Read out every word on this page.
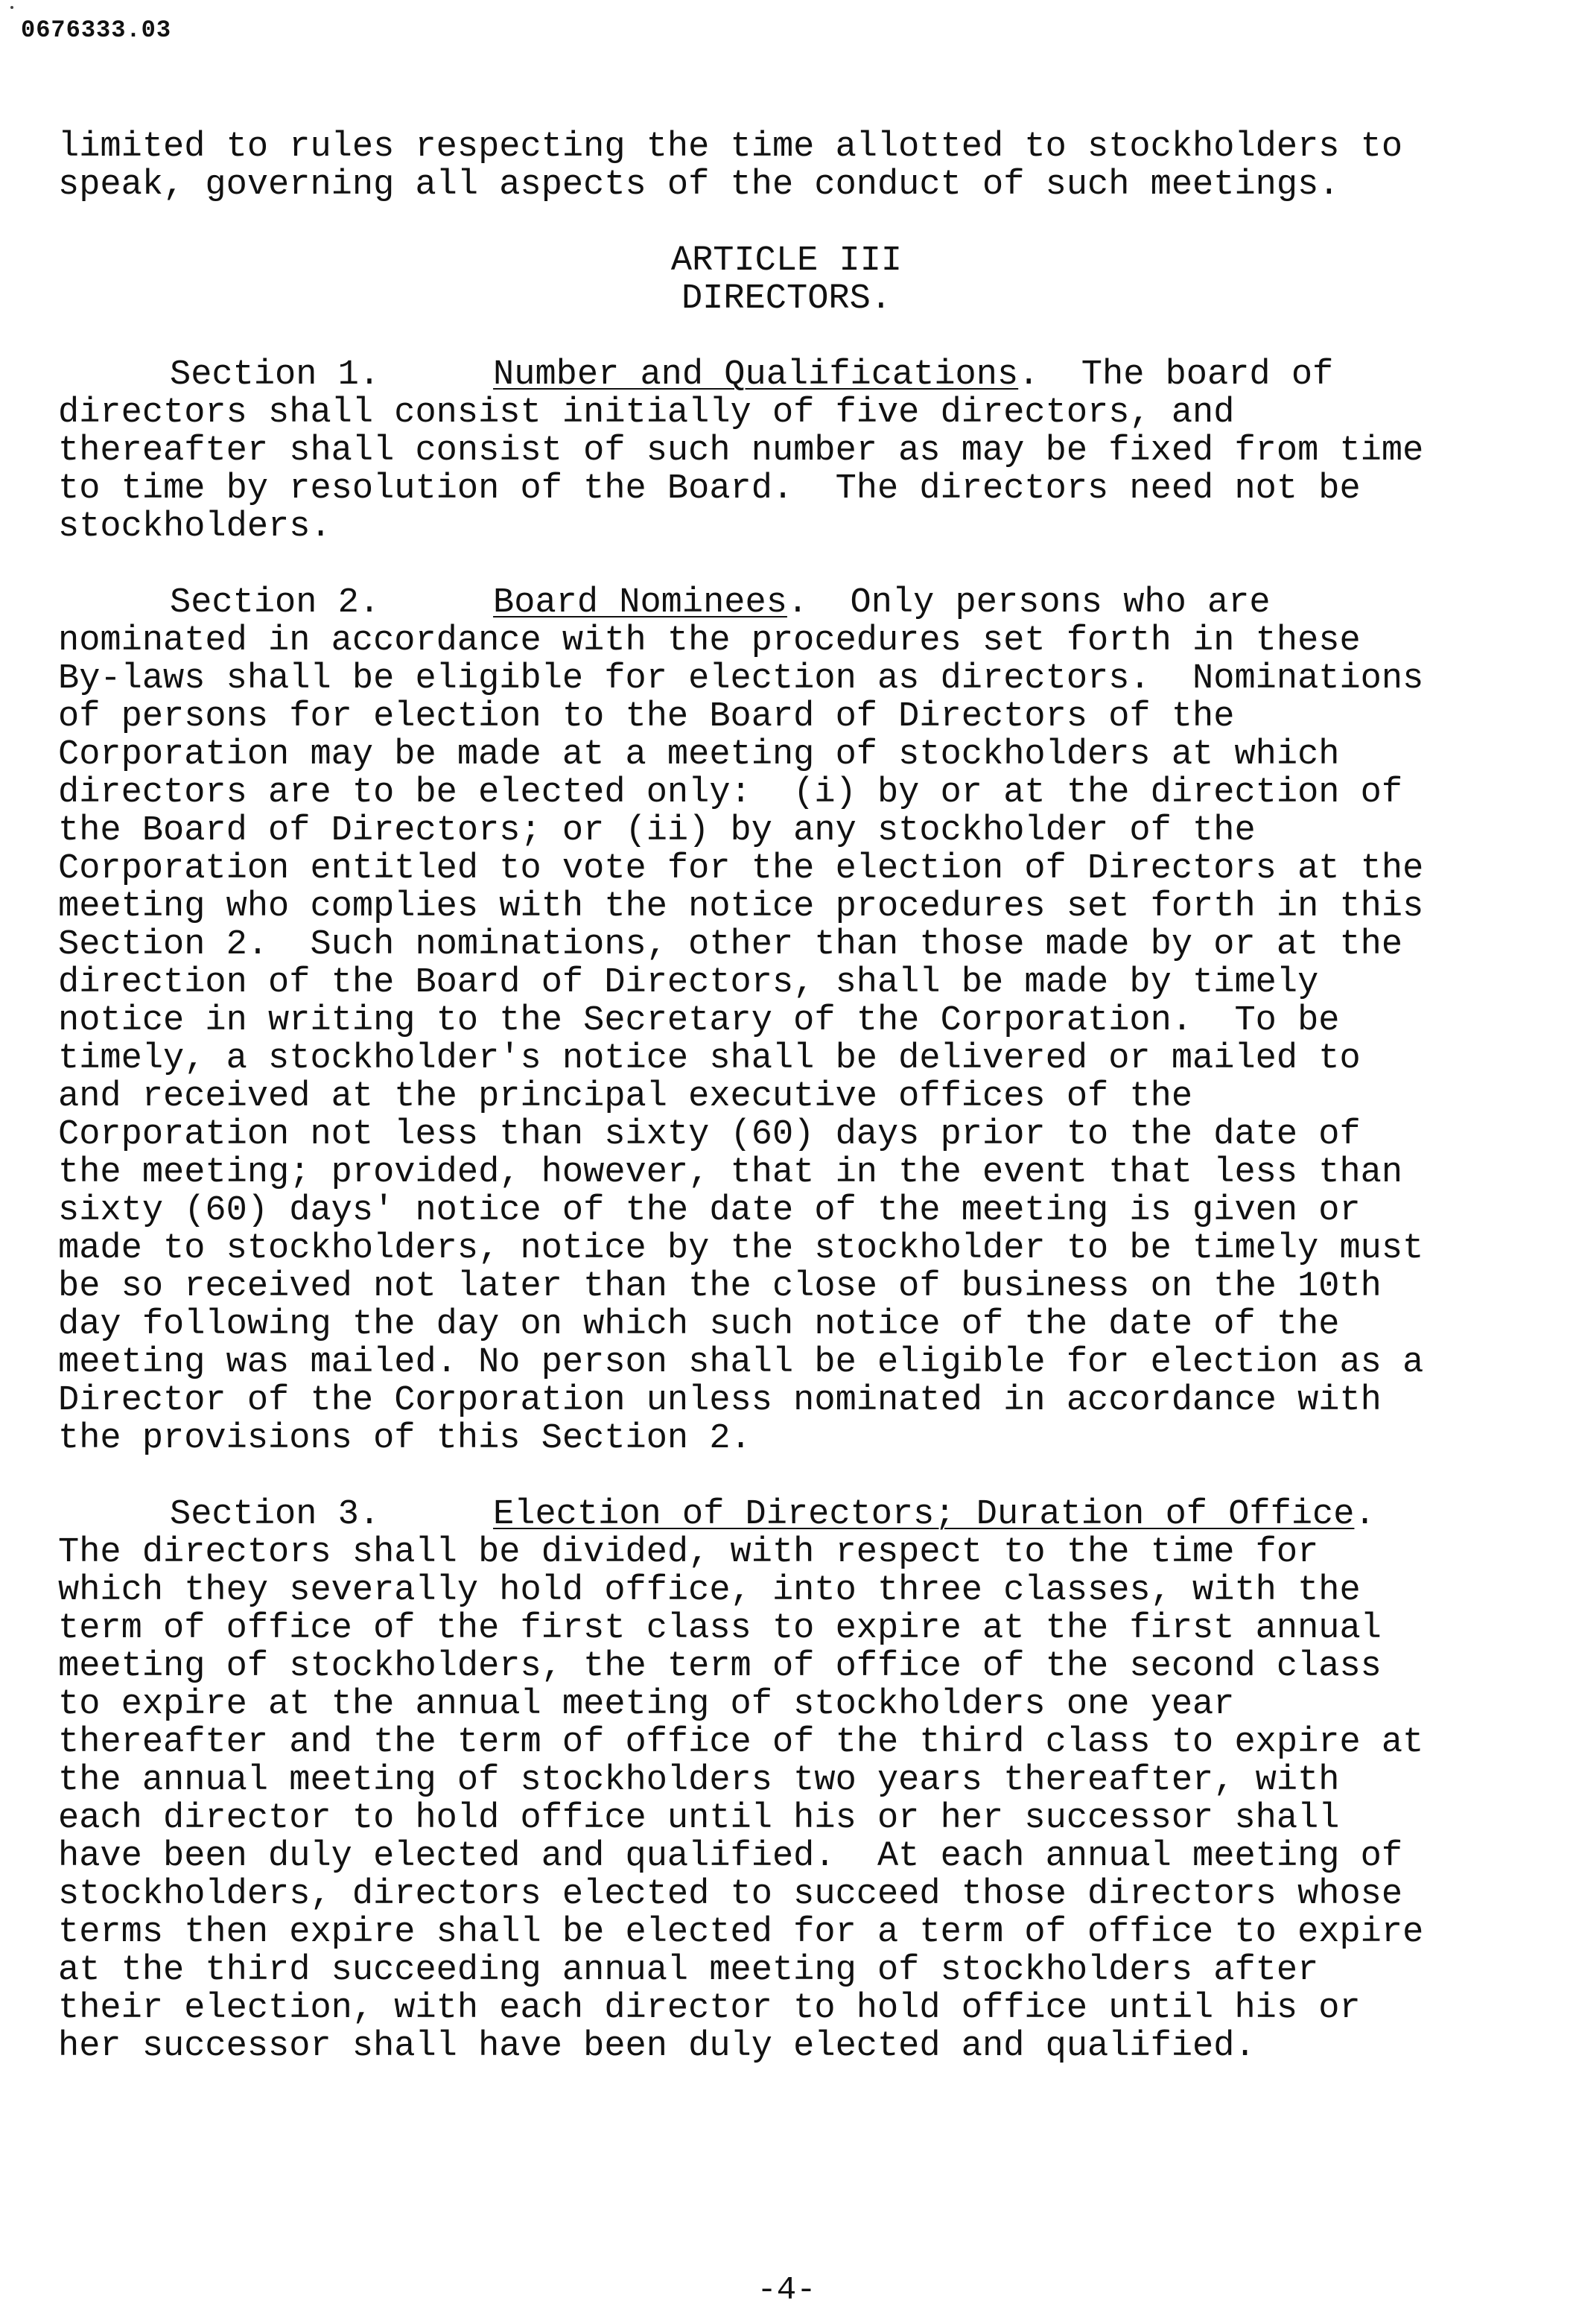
0676333.03
limited to rules respecting the time allotted to stockholders to
speak, governing all aspects of the conduct of such meetings.
ARTICLE III
DIRECTORS.
Section 1.	Number and Qualifications.  The board of
directors shall consist initially of five directors, and
thereafter shall consist of such number as may be fixed from time
to time by resolution of the Board.  The directors need not be
stockholders.
Section 2.	Board Nominees.  Only persons who are
nominated in accordance with the procedures set forth in these
By-laws shall be eligible for election as directors.  Nominations
of persons for election to the Board of Directors of the
Corporation may be made at a meeting of stockholders at which
directors are to be elected only:  (i) by or at the direction of
the Board of Directors; or (ii) by any stockholder of the
Corporation entitled to vote for the election of Directors at the
meeting who complies with the notice procedures set forth in this
Section 2.  Such nominations, other than those made by or at the
direction of the Board of Directors, shall be made by timely
notice in writing to the Secretary of the Corporation.  To be
timely, a stockholder's notice shall be delivered or mailed to
and received at the principal executive offices of the
Corporation not less than sixty (60) days prior to the date of
the meeting; provided, however, that in the event that less than
sixty (60) days' notice of the date of the meeting is given or
made to stockholders, notice by the stockholder to be timely must
be so received not later than the close of business on the 10th
day following the day on which such notice of the date of the
meeting was mailed. No person shall be eligible for election as a
Director of the Corporation unless nominated in accordance with
the provisions of this Section 2.
Section 3.	Election of Directors; Duration of Office.
The directors shall be divided, with respect to the time for
which they severally hold office, into three classes, with the
term of office of the first class to expire at the first annual
meeting of stockholders, the term of office of the second class
to expire at the annual meeting of stockholders one year
thereafter and the term of office of the third class to expire at
the annual meeting of stockholders two years thereafter, with
each director to hold office until his or her successor shall
have been duly elected and qualified.  At each annual meeting of
stockholders, directors elected to succeed those directors whose
terms then expire shall be elected for a term of office to expire
at the third succeeding annual meeting of stockholders after
their election, with each director to hold office until his or
her successor shall have been duly elected and qualified.
-4-
